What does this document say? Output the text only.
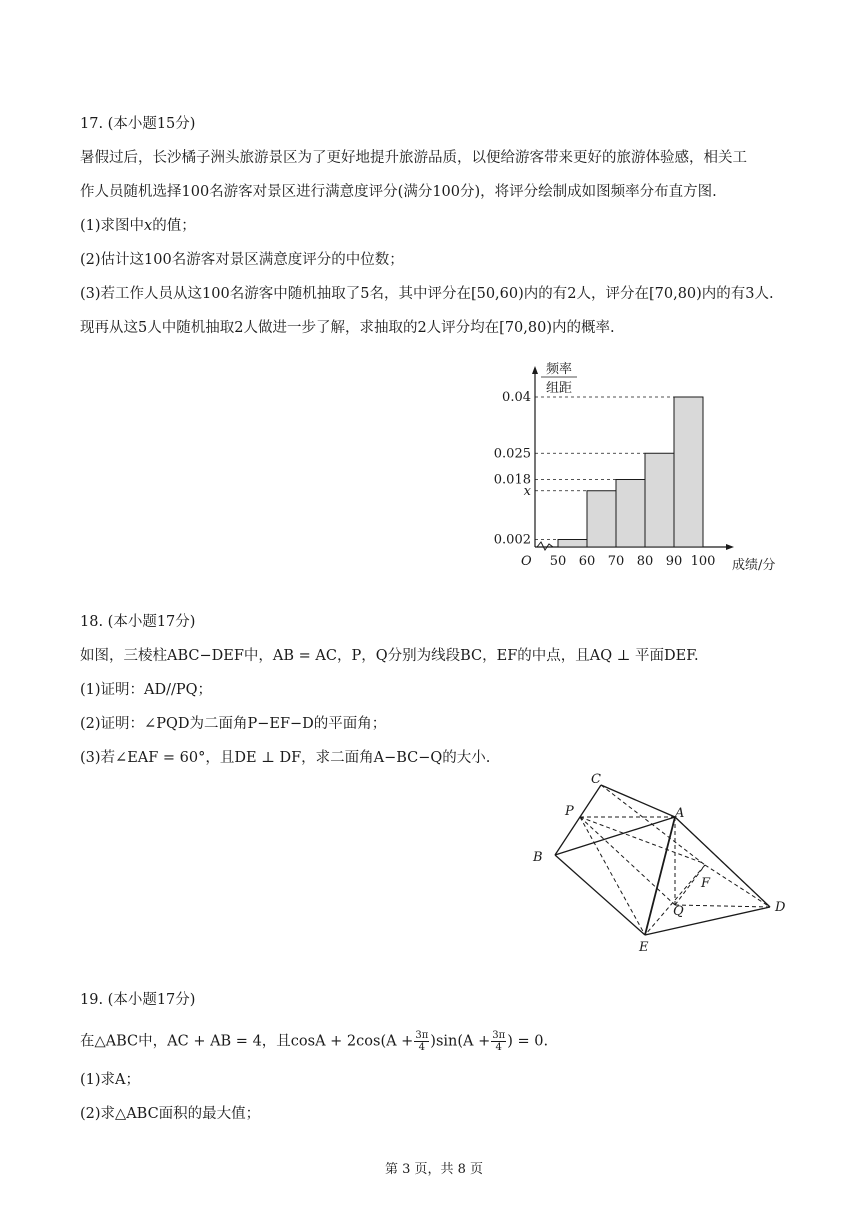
17. (本小题15分)
暑假过后，长沙橘子洲头旅游景区为了更好地提升旅游品质，以便给游客带来更好的旅游体验感，相关工
作人员随机选择100名游客对景区进行满意度评分(满分100分)，将评分绘制成如图频率分布直方图.
(1)求图中x的值；
(2)估计这100名游客对景区满意度评分的中位数；
(3)若工作人员从这100名游客中随机抽取了5名，其中评分在[50,60)内的有2人，评分在[70,80)内的有3人.
现再从这5人中随机抽取2人做进一步了解，求抽取的2人评分均在[70,80)内的概率.
0.04
0.025
0.018
x
0.002
50 60 70 80 90 100
O
频率
组距
成绩/分
18. (本小题17分)
如图，三棱柱ABC−DEF中，AB = AC，P，Q分别为线段BC，EF的中点，且AQ ⊥ 平面DEF.
(1)证明：AD//PQ；
(2)证明：∠PQD为二面角P−EF−D的平面角；
(3)若∠EAF = 60°，且DE ⊥ DF，求二面角A−BC−Q的大小.
C
P	A
B
F
Q	D
E
19. (本小题17分)
在△ABC中，AC + AB = 4，且$\cos A + 2\cos(A + \frac{3\pi}{4} )\sin(A + \frac{3\pi}{4}$ ) = 0.
(1)求A；
(2)求△ABC面积的最大值；
第 3 页，共 8 页
